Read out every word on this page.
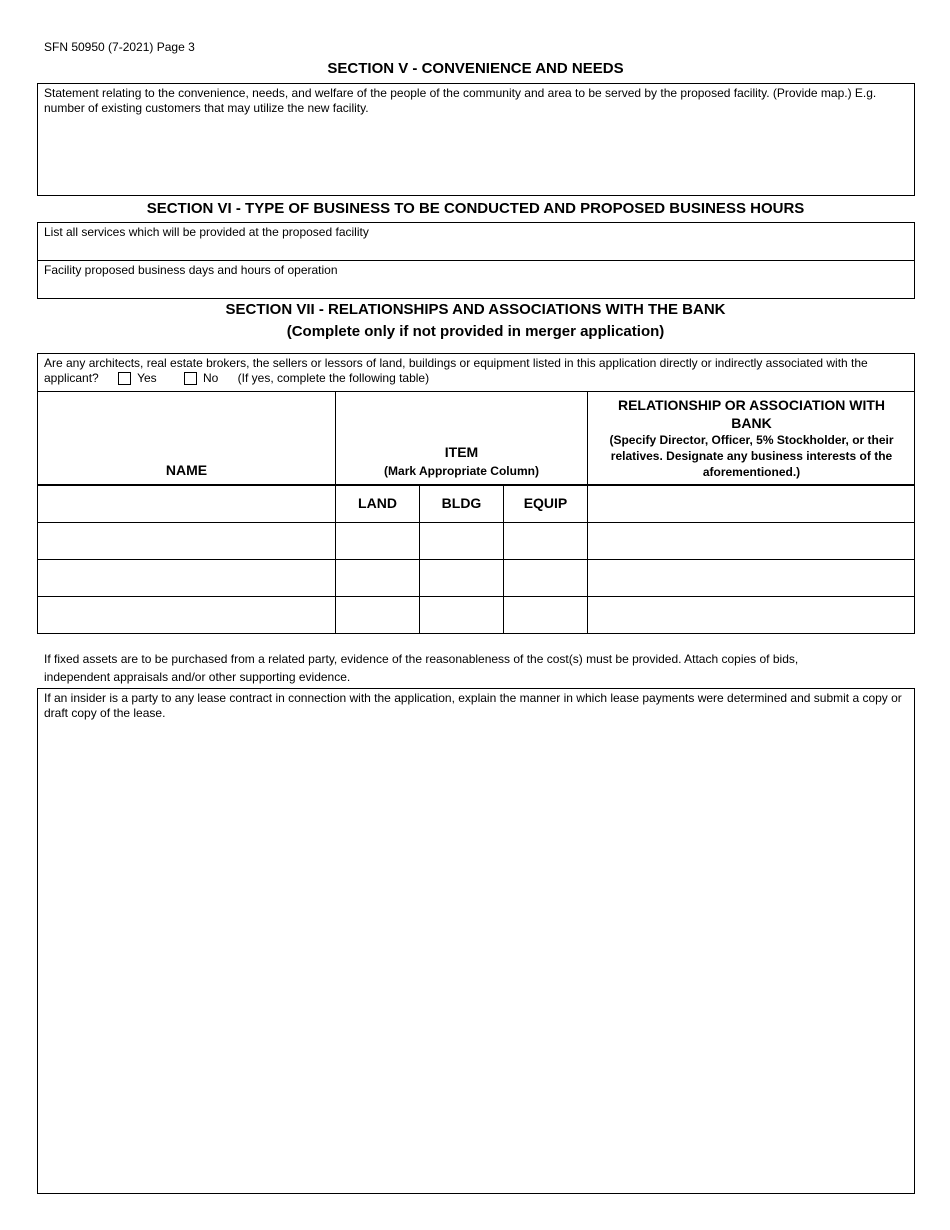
SFN 50950 (7-2021) Page 3
SECTION V - CONVENIENCE AND NEEDS
Statement relating to the convenience, needs, and welfare of the people of the community and area to be served by the proposed facility. (Provide map.) E.g. number of existing customers that may utilize the new facility.
SECTION VI - TYPE OF BUSINESS TO BE CONDUCTED AND PROPOSED BUSINESS HOURS
List all services which will be provided at the proposed facility
Facility proposed business days and hours of operation
SECTION VII - RELATIONSHIPS AND ASSOCIATIONS WITH THE BANK
(Complete only if not provided in merger application)
Are any architects, real estate brokers, the sellers or lessors of land, buildings or equipment listed in this application directly or indirectly associated with the applicant?	Yes	No (If yes, complete the following table)
NAME
ITEM
(Mark Appropriate Column)
RELATIONSHIP OR ASSOCIATION WITH BANK
(Specify Director, Officer, 5% Stockholder, or their relatives. Designate any business interests of the aforementioned.)
LAND	BLDG	EQUIP
If fixed assets are to be purchased from a related party, evidence of the reasonableness of the cost(s) must be provided. Attach copies of bids, independent appraisals and/or other supporting evidence.
If an insider is a party to any lease contract in connection with the application, explain the manner in which lease payments were determined and submit a copy or draft copy of the lease.
